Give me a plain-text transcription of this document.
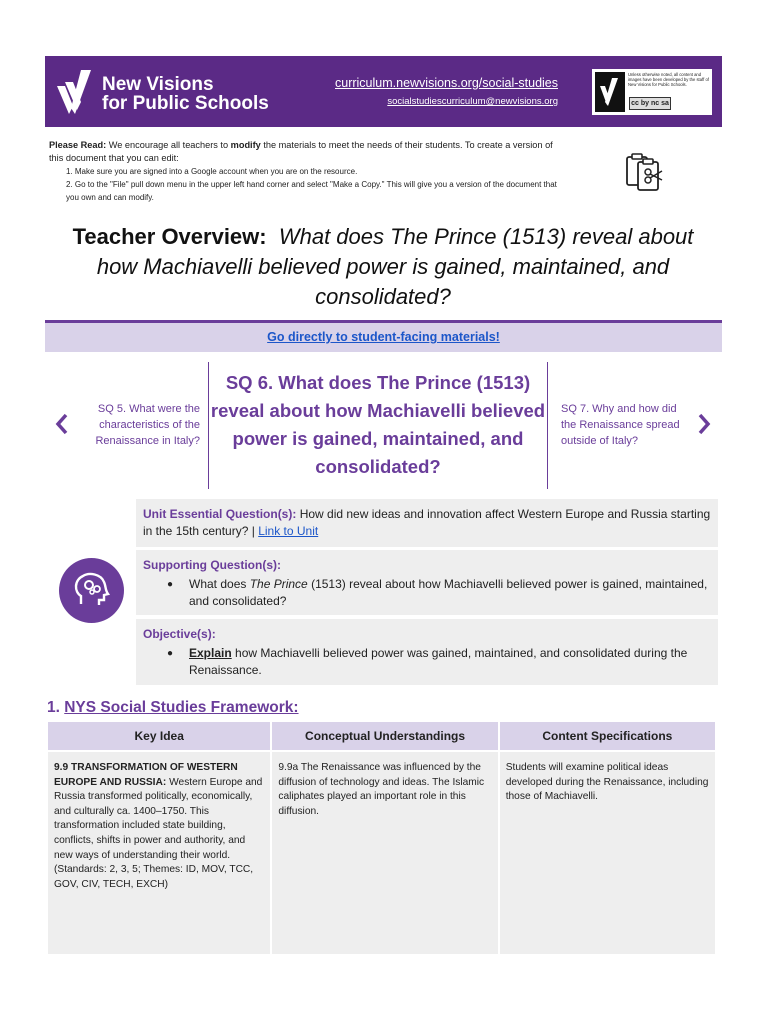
New Visions
for Public Schools
curriculum.newvisions.org/social-studies
socialstudiescurriculum@newvisions.org
Unless otherwise noted, all content and images have been developed by the staff of New Visions for Public Schools.
cc by nc sa
Please Read: We encourage all teachers to modify the materials to meet the needs of their students. To create a version of this document that you can edit:
1. Make sure you are signed into a Google account when you are on the resource.
2. Go to the "File" pull down menu in the upper left hand corner and select "Make a Copy." This will give you a version of the document that you own and can modify.
Teacher Overview: What does The Prince (1513) reveal about how Machiavelli believed power is gained, maintained, and consolidated?
Go directly to student-facing materials!
SQ 5. What were the characteristics of the Renaissance in Italy?
SQ 6. What does The Prince (1513) reveal about how Machiavelli believed power is gained, maintained, and consolidated?
SQ 7. Why and how did the Renaissance spread outside of Italy?
Unit Essential Question(s): How did new ideas and innovation affect Western Europe and Russia starting in the 15th century? | Link to Unit
Supporting Question(s):
● What does The Prince (1513) reveal about how Machiavelli believed power is gained, maintained, and consolidated?
Objective(s):
● Explain how Machiavelli believed power was gained, maintained, and consolidated during the Renaissance.
1. NYS Social Studies Framework:
Key Idea	Conceptual Understandings	Content Specifications
9.9 TRANSFORMATION OF WESTERN EUROPE AND RUSSIA: Western Europe and Russia transformed politically, economically, and culturally ca. 1400–1750. This transformation included state building, conflicts, shifts in power and authority, and new ways of understanding their world. (Standards: 2, 3, 5; Themes: ID, MOV, TCC, GOV, CIV, TECH, EXCH)	9.9a The Renaissance was influenced by the diffusion of technology and ideas. The Islamic caliphates played an important role in this diffusion.	Students will examine political ideas developed during the Renaissance, including those of Machiavelli.
